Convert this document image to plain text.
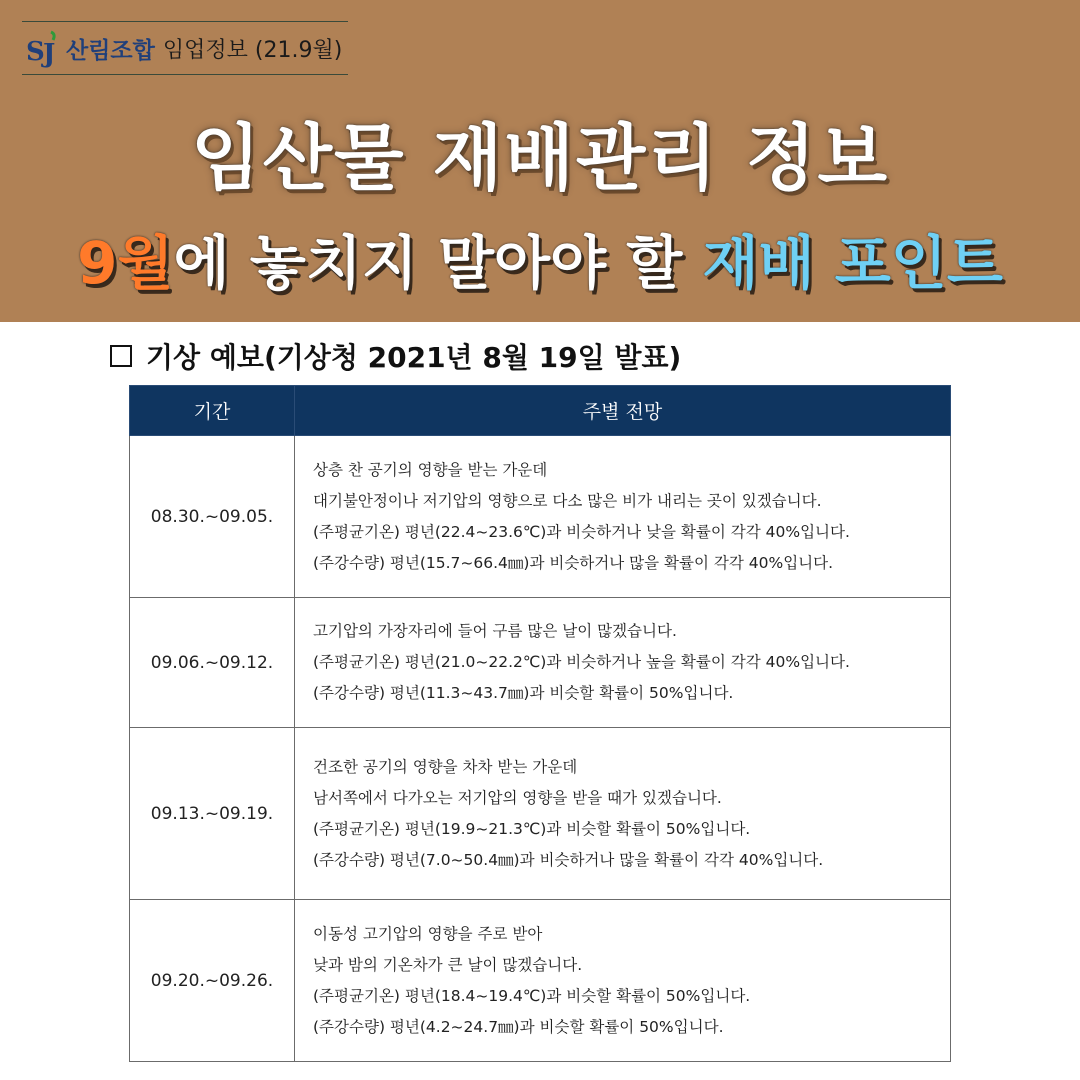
S
J 산림조합 임업정보 (21.9월)
임산물 재배관리 정보
9월에 놓치지 말아야 할 재배 포인트
기상 예보(기상청 2021년 8월 19일 발표)
기간	주별 전망
08.30.~09.05.	상층 찬 공기의 영향을 받는 가운데
대기불안정이나 저기압의 영향으로 다소 많은 비가 내리는 곳이 있겠습니다.
(주평균기온) 평년(22.4~23.6℃)과 비슷하거나 낮을 확률이 각각 40%입니다.
(주강수량) 평년(15.7~66.4㎜)과 비슷하거나 많을 확률이 각각 40%입니다.

09.06.~09.12.	고기압의 가장자리에 들어 구름 많은 날이 많겠습니다.
(주평균기온) 평년(21.0~22.2℃)과 비슷하거나 높을 확률이 각각 40%입니다.
(주강수량) 평년(11.3~43.7㎜)과 비슷할 확률이 50%입니다.

09.13.~09.19.	건조한 공기의 영향을 차차 받는 가운데
남서쪽에서 다가오는 저기압의 영향을 받을 때가 있겠습니다.
(주평균기온) 평년(19.9~21.3℃)과 비슷할 확률이 50%입니다.
(주강수량) 평년(7.0~50.4㎜)과 비슷하거나 많을 확률이 각각 40%입니다.

09.20.~09.26.	이동성 고기압의 영향을 주로 받아
낮과 밤의 기온차가 큰 날이 많겠습니다.
(주평균기온) 평년(18.4~19.4℃)과 비슷할 확률이 50%입니다.
(주강수량) 평년(4.2~24.7㎜)과 비슷할 확률이 50%입니다.
